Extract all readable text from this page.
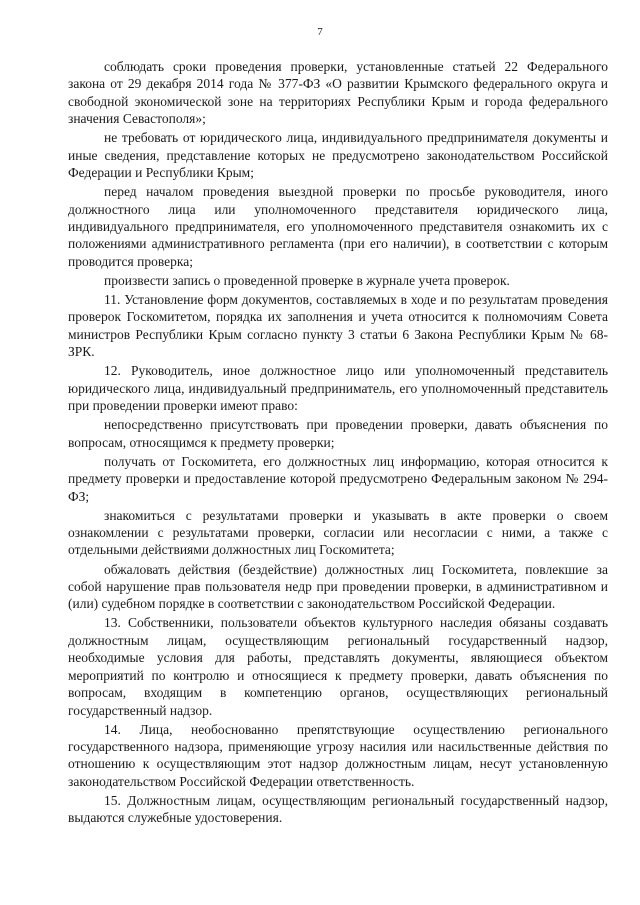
7

соблюдать сроки проведения проверки, установленные статьей 22 Федерального закона от 29 декабря 2014 года № 377-ФЗ «О развитии Крымского федерального округа и свободной экономической зоне на территориях Республики Крым и города федерального значения Севастополя»;

не требовать от юридического лица, индивидуального предпринимателя документы и иные сведения, представление которых не предусмотрено законодательством Российской Федерации и Республики Крым;

перед началом проведения выездной проверки по просьбе руководителя, иного должностного лица или уполномоченного представителя юридического лица, индивидуального предпринимателя, его уполномоченного представителя ознакомить их с положениями административного регламента (при его наличии), в соответствии с которым проводится проверка;

произвести запись о проведенной проверке в журнале учета проверок.

11. Установление форм документов, составляемых в ходе и по результатам проведения проверок Госкомитетом, порядка их заполнения и учета относится к полномочиям Совета министров Республики Крым согласно пункту 3 статьи 6 Закона Республики Крым № 68-ЗРК.

12. Руководитель, иное должностное лицо или уполномоченный представитель юридического лица, индивидуальный предприниматель, его уполномоченный представитель при проведении проверки имеют право:

непосредственно присутствовать при проведении проверки, давать объяснения по вопросам, относящимся к предмету проверки;

получать от Госкомитета, его должностных лиц информацию, которая относится к предмету проверки и предоставление которой предусмотрено Федеральным законом № 294-ФЗ;

знакомиться с результатами проверки и указывать в акте проверки о своем ознакомлении с результатами проверки, согласии или несогласии с ними, а также с отдельными действиями должностных лиц Госкомитета;

обжаловать действия (бездействие) должностных лиц Госкомитета, повлекшие за собой нарушение прав пользователя недр при проведении проверки, в административном и (или) судебном порядке в соответствии с законодательством Российской Федерации.

13. Собственники, пользователи объектов культурного наследия обязаны создавать должностным лицам, осуществляющим региональный государственный надзор, необходимые условия для работы, представлять документы, являющиеся объектом мероприятий по контролю и относящиеся к предмету проверки, давать объяснения по вопросам, входящим в компетенцию органов, осуществляющих региональный государственный надзор.

14. Лица, необоснованно препятствующие осуществлению регионального государственного надзора, применяющие угрозу насилия или насильственные действия по отношению к осуществляющим этот надзор должностным лицам, несут установленную законодательством Российской Федерации ответственность.

15. Должностным лицам, осуществляющим региональный государственный надзор, выдаются служебные удостоверения.
